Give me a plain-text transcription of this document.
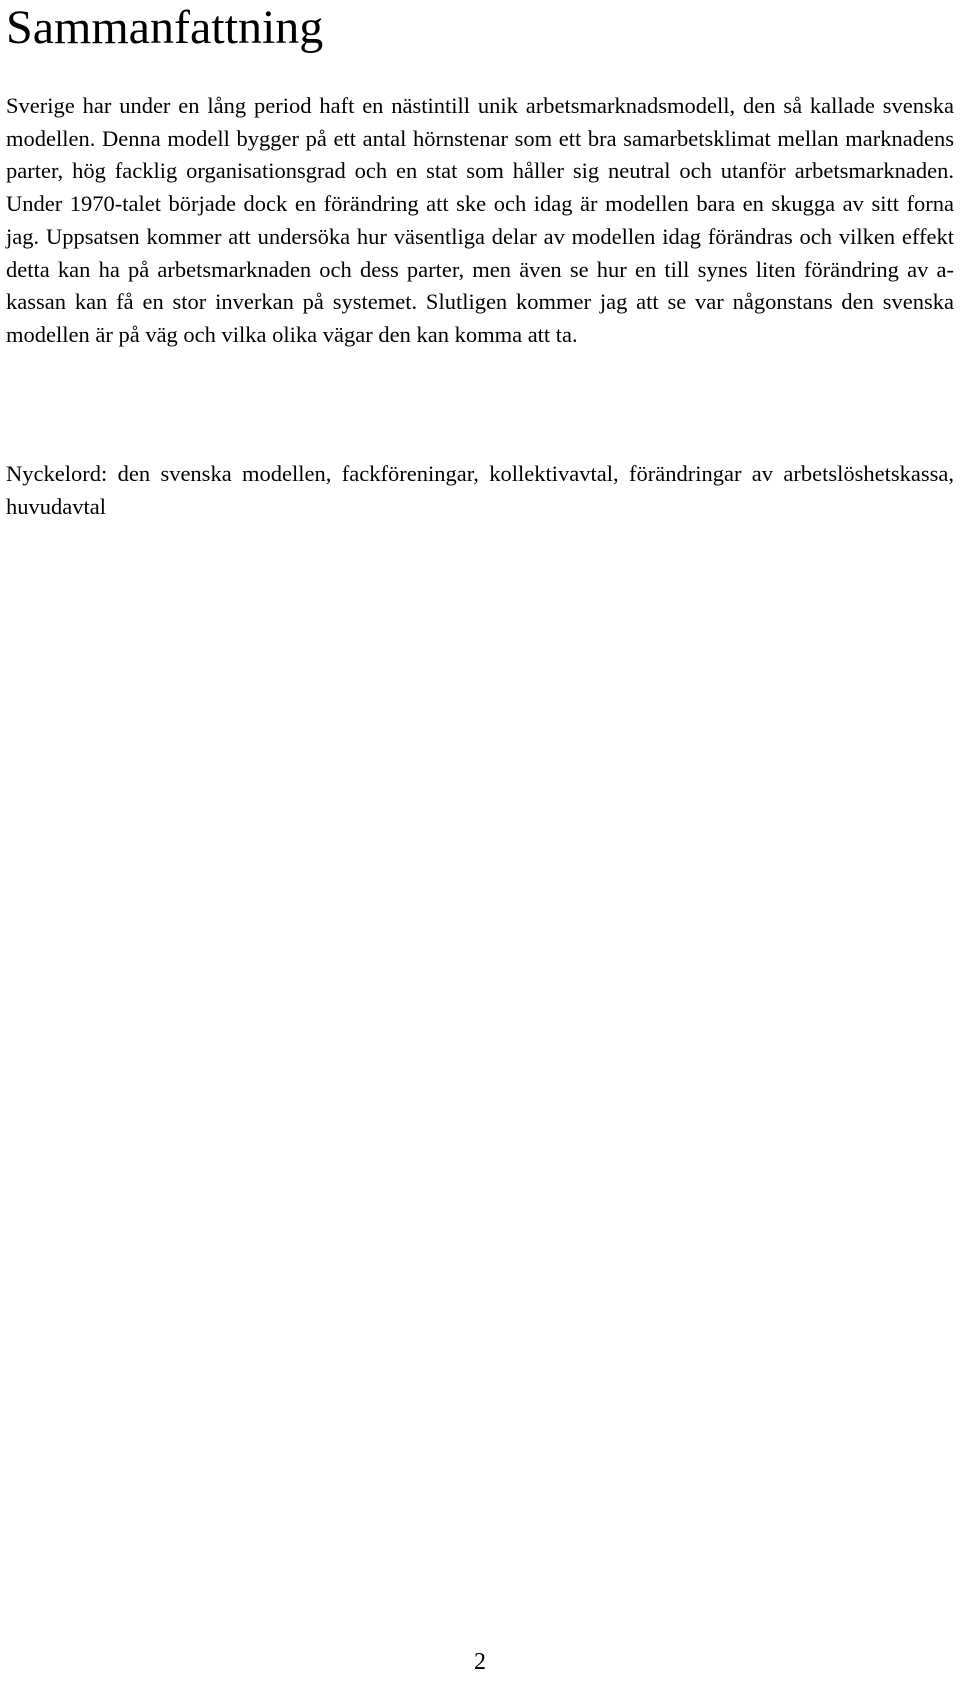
Sammanfattning

Sverige har under en lång period haft en nästintill unik arbetsmarknadsmodell, den så kallade svenska modellen. Denna modell bygger på ett antal hörnstenar som ett bra samarbetsklimat mellan marknadens parter, hög facklig organisationsgrad och en stat som håller sig neutral och utanför arbetsmarknaden. Under 1970-talet började dock en förändring att ske och idag är modellen bara en skugga av sitt forna jag. Uppsatsen kommer att undersöka hur väsentliga delar av modellen idag förändras och vilken effekt detta kan ha på arbetsmarknaden och dess parter, men även se hur en till synes liten förändring av a-kassan kan få en stor inverkan på systemet. Slutligen kommer jag att se var någonstans den svenska modellen är på väg och vilka olika vägar den kan komma att ta.

Nyckelord: den svenska modellen, fackföreningar, kollektivavtal, förändringar av arbetslöshetskassa, huvudavtal

2
